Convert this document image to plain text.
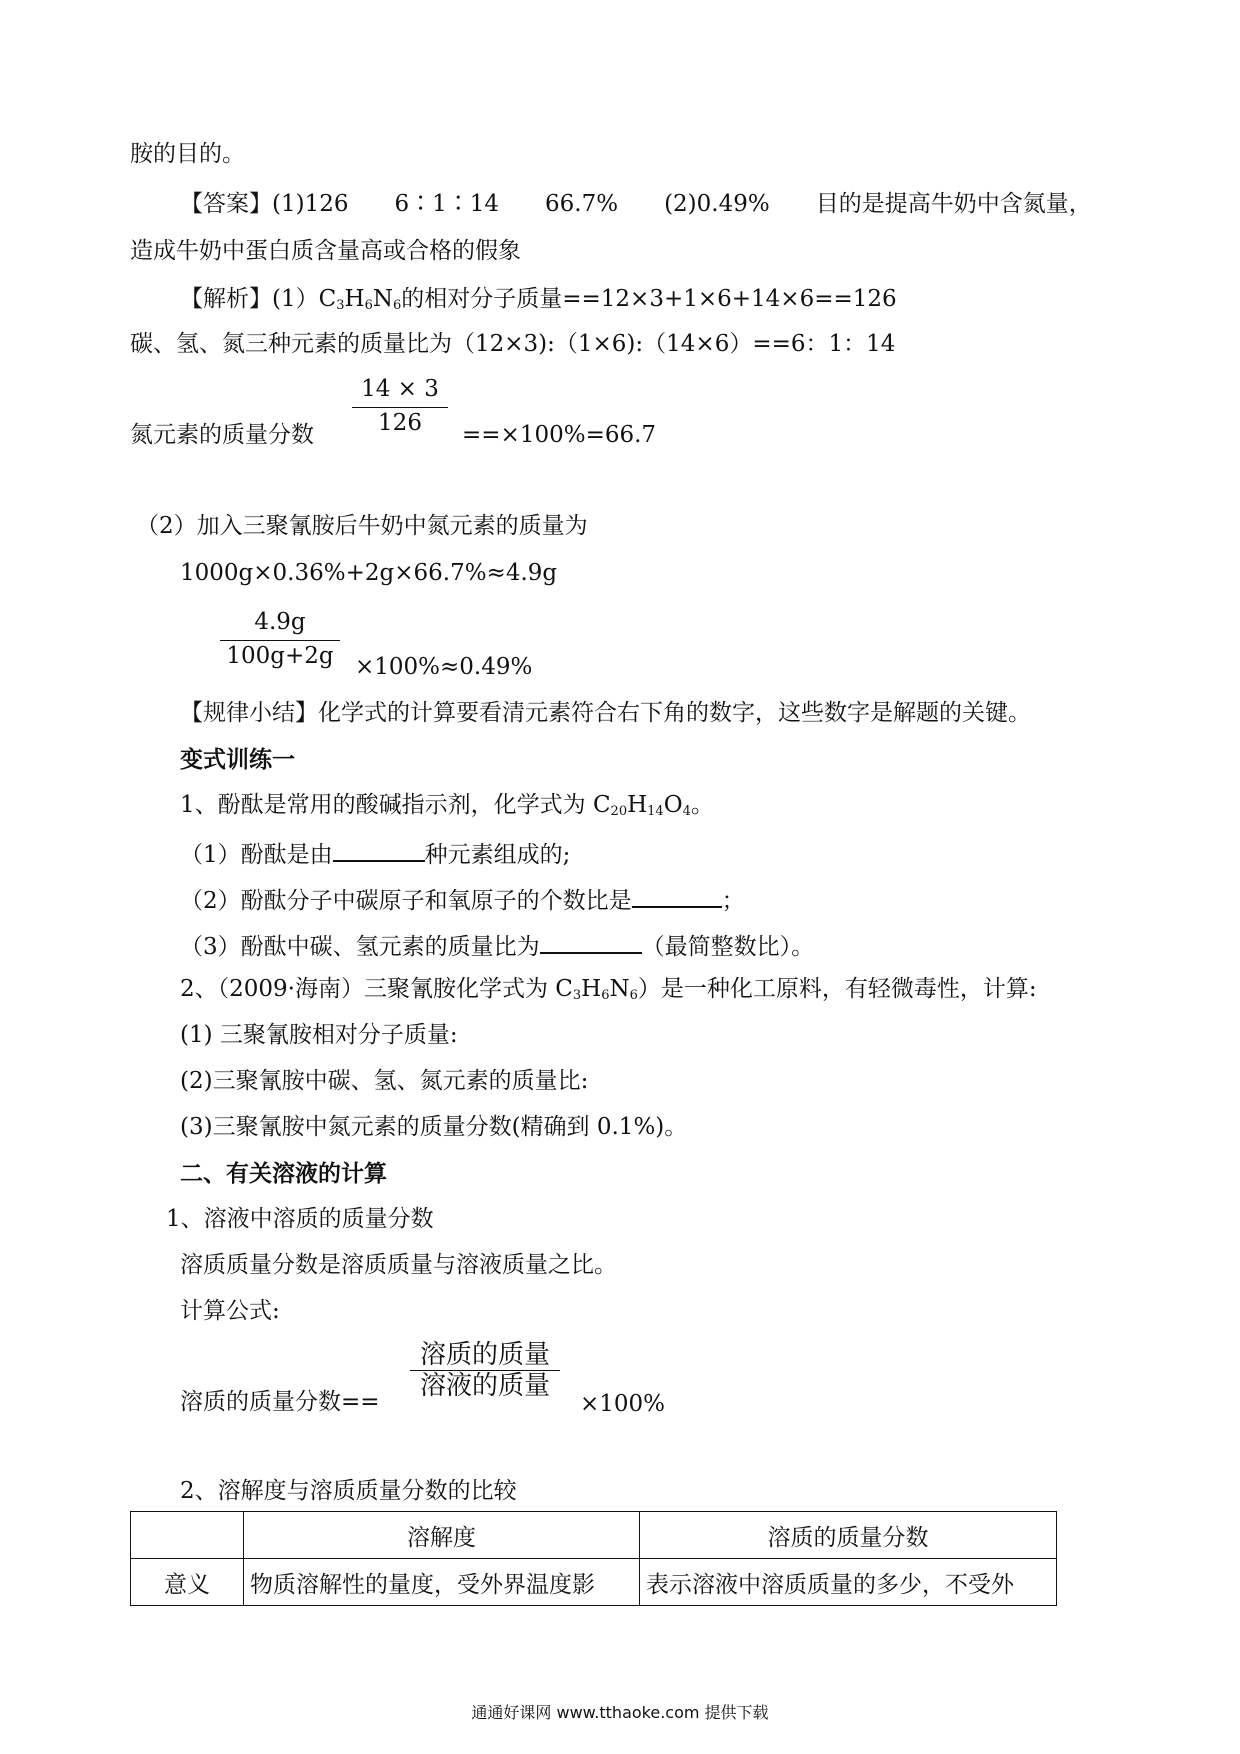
胺的目的。
【答案】(1)126　　6∶1∶14　　66.7%　　(2)0.49%　　目的是提高牛奶中含氮量，
造成牛奶中蛋白质含量高或合格的假象
【解析】$(1)C_3H_6N_6$的相对分子质量==12×3+1×6+14×6==126
碳、氢、氮三种元素的质量比为（12×3):（1×6):（14×6）==6：1：14
$\frac{14 \times 3}{126}$
氮元素的质量分数	==×100%=66.7
（2）加入三聚氰胺后牛奶中氮元素的质量为
1000g×0.36%+2g×66.7%≈4.9g
$\frac{4.9g}{100g+2g} \times 100\%\approx 0.49\%$
【规律小结】化学式的计算要看清元素符合右下角的数字，这些数字是解题的关键。
变式训练一
1、酚酞是常用的酸碱指示剂，化学式为 $C_{20}H_{14}O_4$。
（1）酚酞是由	种元素组成的;
（2）酚酞分子中碳原子和氧原子的个数比是	；
（3）酚酞中碳、氢元素的质量比为	（最简整数比）。
2、（2009·海南）三聚氰胺化学式为 $C_3H_6N_6$）是一种化工原料，有轻微毒性，计算:
(1) 三聚氰胺相对分子质量:
(2)三聚氰胺中碳、氢、氮元素的质量比:
(3)三聚氰胺中氮元素的质量分数(精确到 0.1%)。
二、有关溶液的计算
1、溶液中溶质的质量分数
溶质质量分数是溶质质量与溶液质量之比。
计算公式:
溶质的质量
溶液的质量
溶质的质量分数==	×100%
2、溶解度与溶质质量分数的比较
	溶解度	溶质的质量分数
意义	物质溶解性的量度，受外界温度影	表示溶液中溶质质量的多少，不受外
通通好课网 www.tthaoke.com 提供下载
